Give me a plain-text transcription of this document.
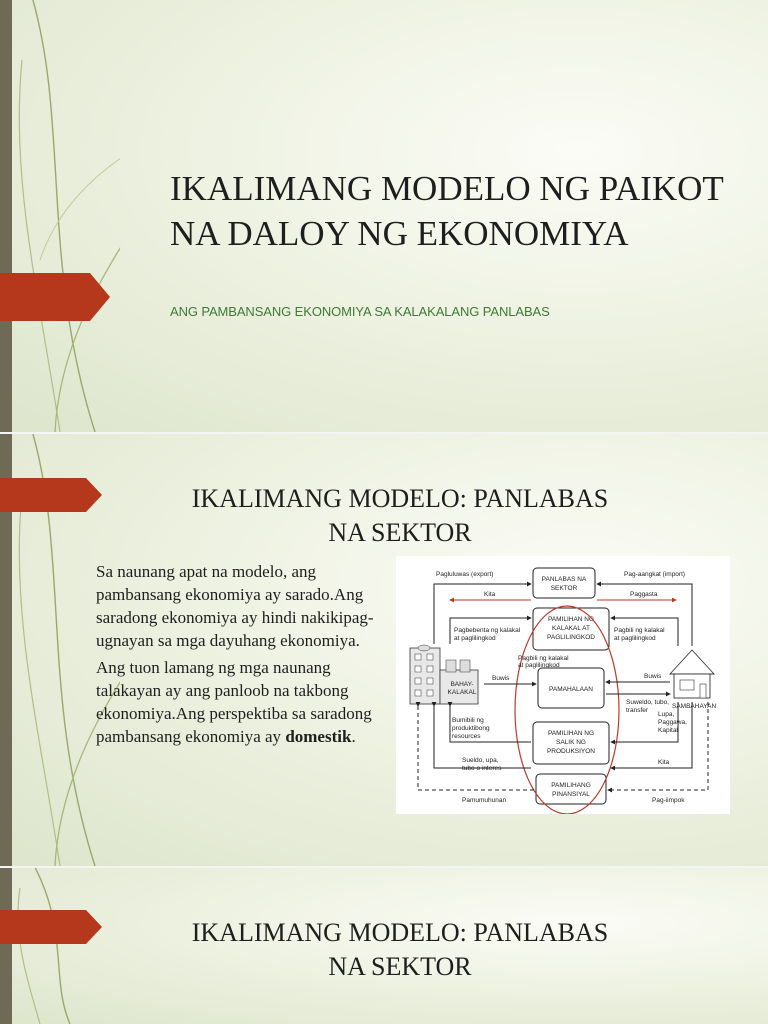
IKALIMANG MODELO NG PAIKOT NA DALOY NG EKONOMIYA
ANG PAMBANSANG EKONOMIYA SA KALAKALANG PANLABAS
IKALIMANG MODELO: PANLABAS NA SEKTOR
Sa naunang apat na modelo, ang pambansang ekonomiya ay sarado.Ang saradong ekonomiya ay hindi nakikipag-ugnayan sa mga dayuhang ekonomiya.
Ang tuon lamang ng mga naunang talakayan ay ang panloob na takbong ekonomiya.Ang perspektiba sa saradong pambansang ekonomiya ay domestik.
PANLABAS NA
SEKTOR
PAMILIHAN NG
KALAKAL AT
PAGLILINGKOD
PAMAHALAAN
PAMILIHAN NG
SALIK NG
PRODUKSIYON
PAMILIHANG
PINANSIYAL
BAHAY-
KALAKAL
SAMBAHAYAN
Pagluluwas (export)	Pag-aangkat (import)
Kita	Paggasta
Pagbebenta ng kalakal
at paglilingkod
Pagbili ng kalakal
at paglilingkod
Pagbili ng kalakal
at paglilingkod
Buwis	Buwis
Suweldo, tubo,
transfer
Bumibili ng
produktibong
resources
Lupa,
Paggawa,
Kapital
Sueldo, upa,
tubo o interes
Kita
Pamumuhunan	Pag-iimpok
IKALIMANG MODELO: PANLABAS NA SEKTOR
